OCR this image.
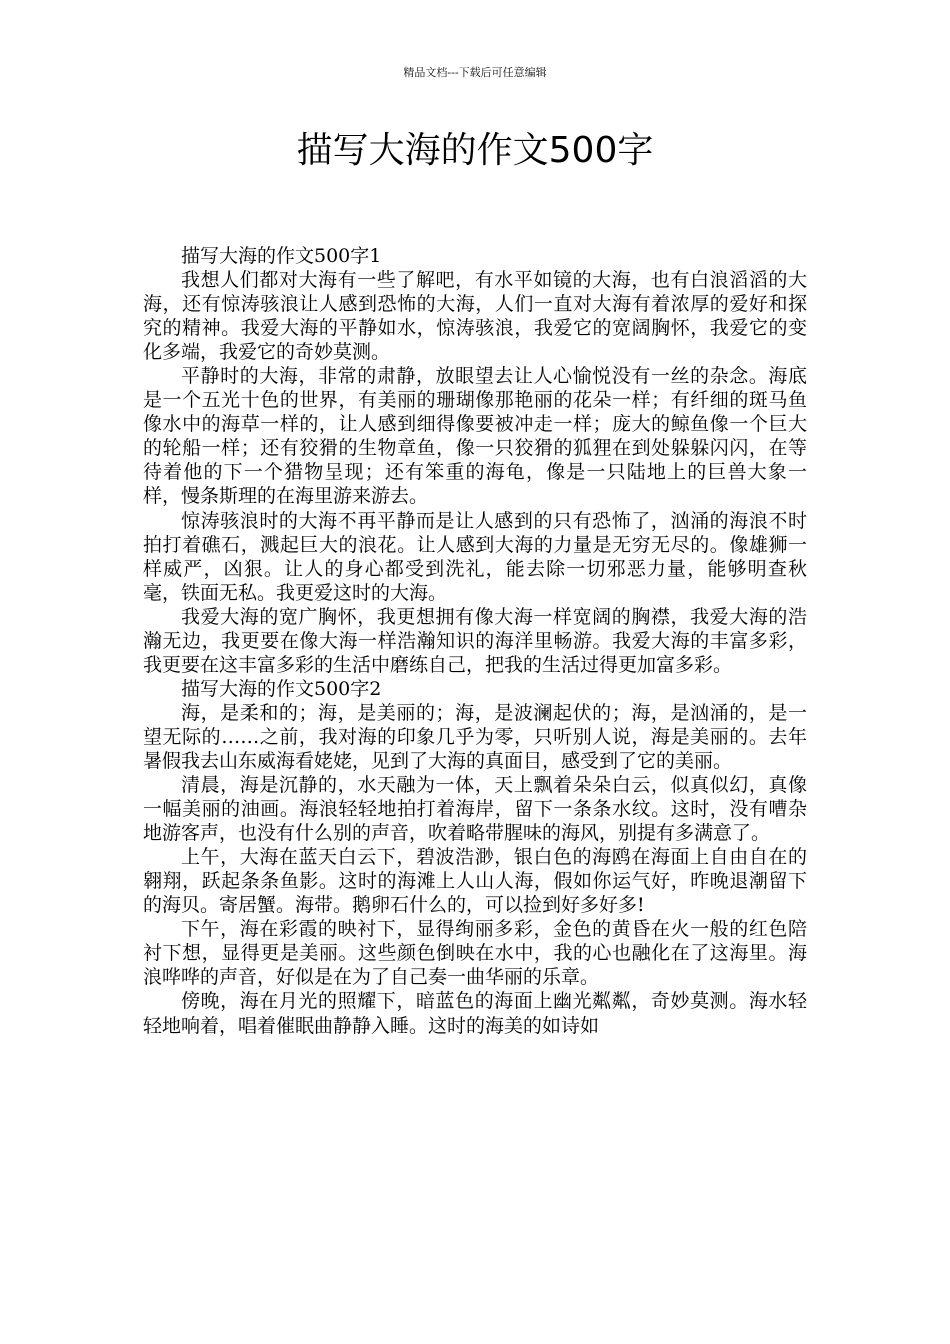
精品文档---下载后可任意编辑
描写大海的作文500字

描写大海的作文500字1

我想人们都对大海有一些了解吧，有水平如镜的大海，也有白浪滔滔的大海，还有惊涛骇浪让人感到恐怖的大海，人们一直对大海有着浓厚的爱好和探究的精神。我爱大海的平静如水，惊涛骇浪，我爱它的宽阔胸怀，我爱它的变化多端，我爱它的奇妙莫测。

平静时的大海，非常的肃静，放眼望去让人心愉悦没有一丝的杂念。海底是一个五光十色的世界，有美丽的珊瑚像那艳丽的花朵一样；有纤细的斑马鱼像水中的海草一样的，让人感到细得像要被冲走一样；庞大的鲸鱼像一个巨大的轮船一样；还有狡猾的生物章鱼，像一只狡猾的狐狸在到处躲躲闪闪，在等待着他的下一个猎物呈现；还有笨重的海龟，像是一只陆地上的巨兽大象一样，慢条斯理的在海里游来游去。

惊涛骇浪时的大海不再平静而是让人感到的只有恐怖了，汹涌的海浪不时拍打着礁石，溅起巨大的浪花。让人感到大海的力量是无穷无尽的。像雄狮一样威严，凶狠。让人的身心都受到洗礼，能去除一切邪恶力量，能够明查秋毫，铁面无私。我更爱这时的大海。

我爱大海的宽广胸怀，我更想拥有像大海一样宽阔的胸襟，我爱大海的浩瀚无边，我更要在像大海一样浩瀚知识的海洋里畅游。我爱大海的丰富多彩，我更要在这丰富多彩的生活中磨练自己，把我的生活过得更加富多彩。

描写大海的作文500字2

海，是柔和的；海，是美丽的；海，是波澜起伏的；海，是汹涌的，是一望无际的……之前，我对海的印象几乎为零，只听别人说，海是美丽的。去年暑假我去山东威海看姥姥，见到了大海的真面目，感受到了它的美丽。

清晨，海是沉静的，水天融为一体，天上飘着朵朵白云，似真似幻，真像一幅美丽的油画。海浪轻轻地拍打着海岸，留下一条条水纹。这时，没有嘈杂地游客声，也没有什么别的声音，吹着略带腥味的海风，别提有多满意了。

上午，大海在蓝天白云下，碧波浩渺，银白色的海鸥在海面上自由自在的翱翔，跃起条条鱼影。这时的海滩上人山人海，假如你运气好，昨晚退潮留下的海贝。寄居蟹。海带。鹅卵石什么的，可以捡到好多好多!

下午，海在彩霞的映衬下，显得绚丽多彩，金色的黄昏在火一般的红色陪衬下想，显得更是美丽。这些颜色倒映在水中，我的心也融化在了这海里。海浪哗哗的声音，好似是在为了自己奏一曲华丽的乐章。

傍晚，海在月光的照耀下，暗蓝色的海面上幽光粼粼，奇妙莫测。海水轻轻地响着，唱着催眠曲静静入睡。这时的海美的如诗如
